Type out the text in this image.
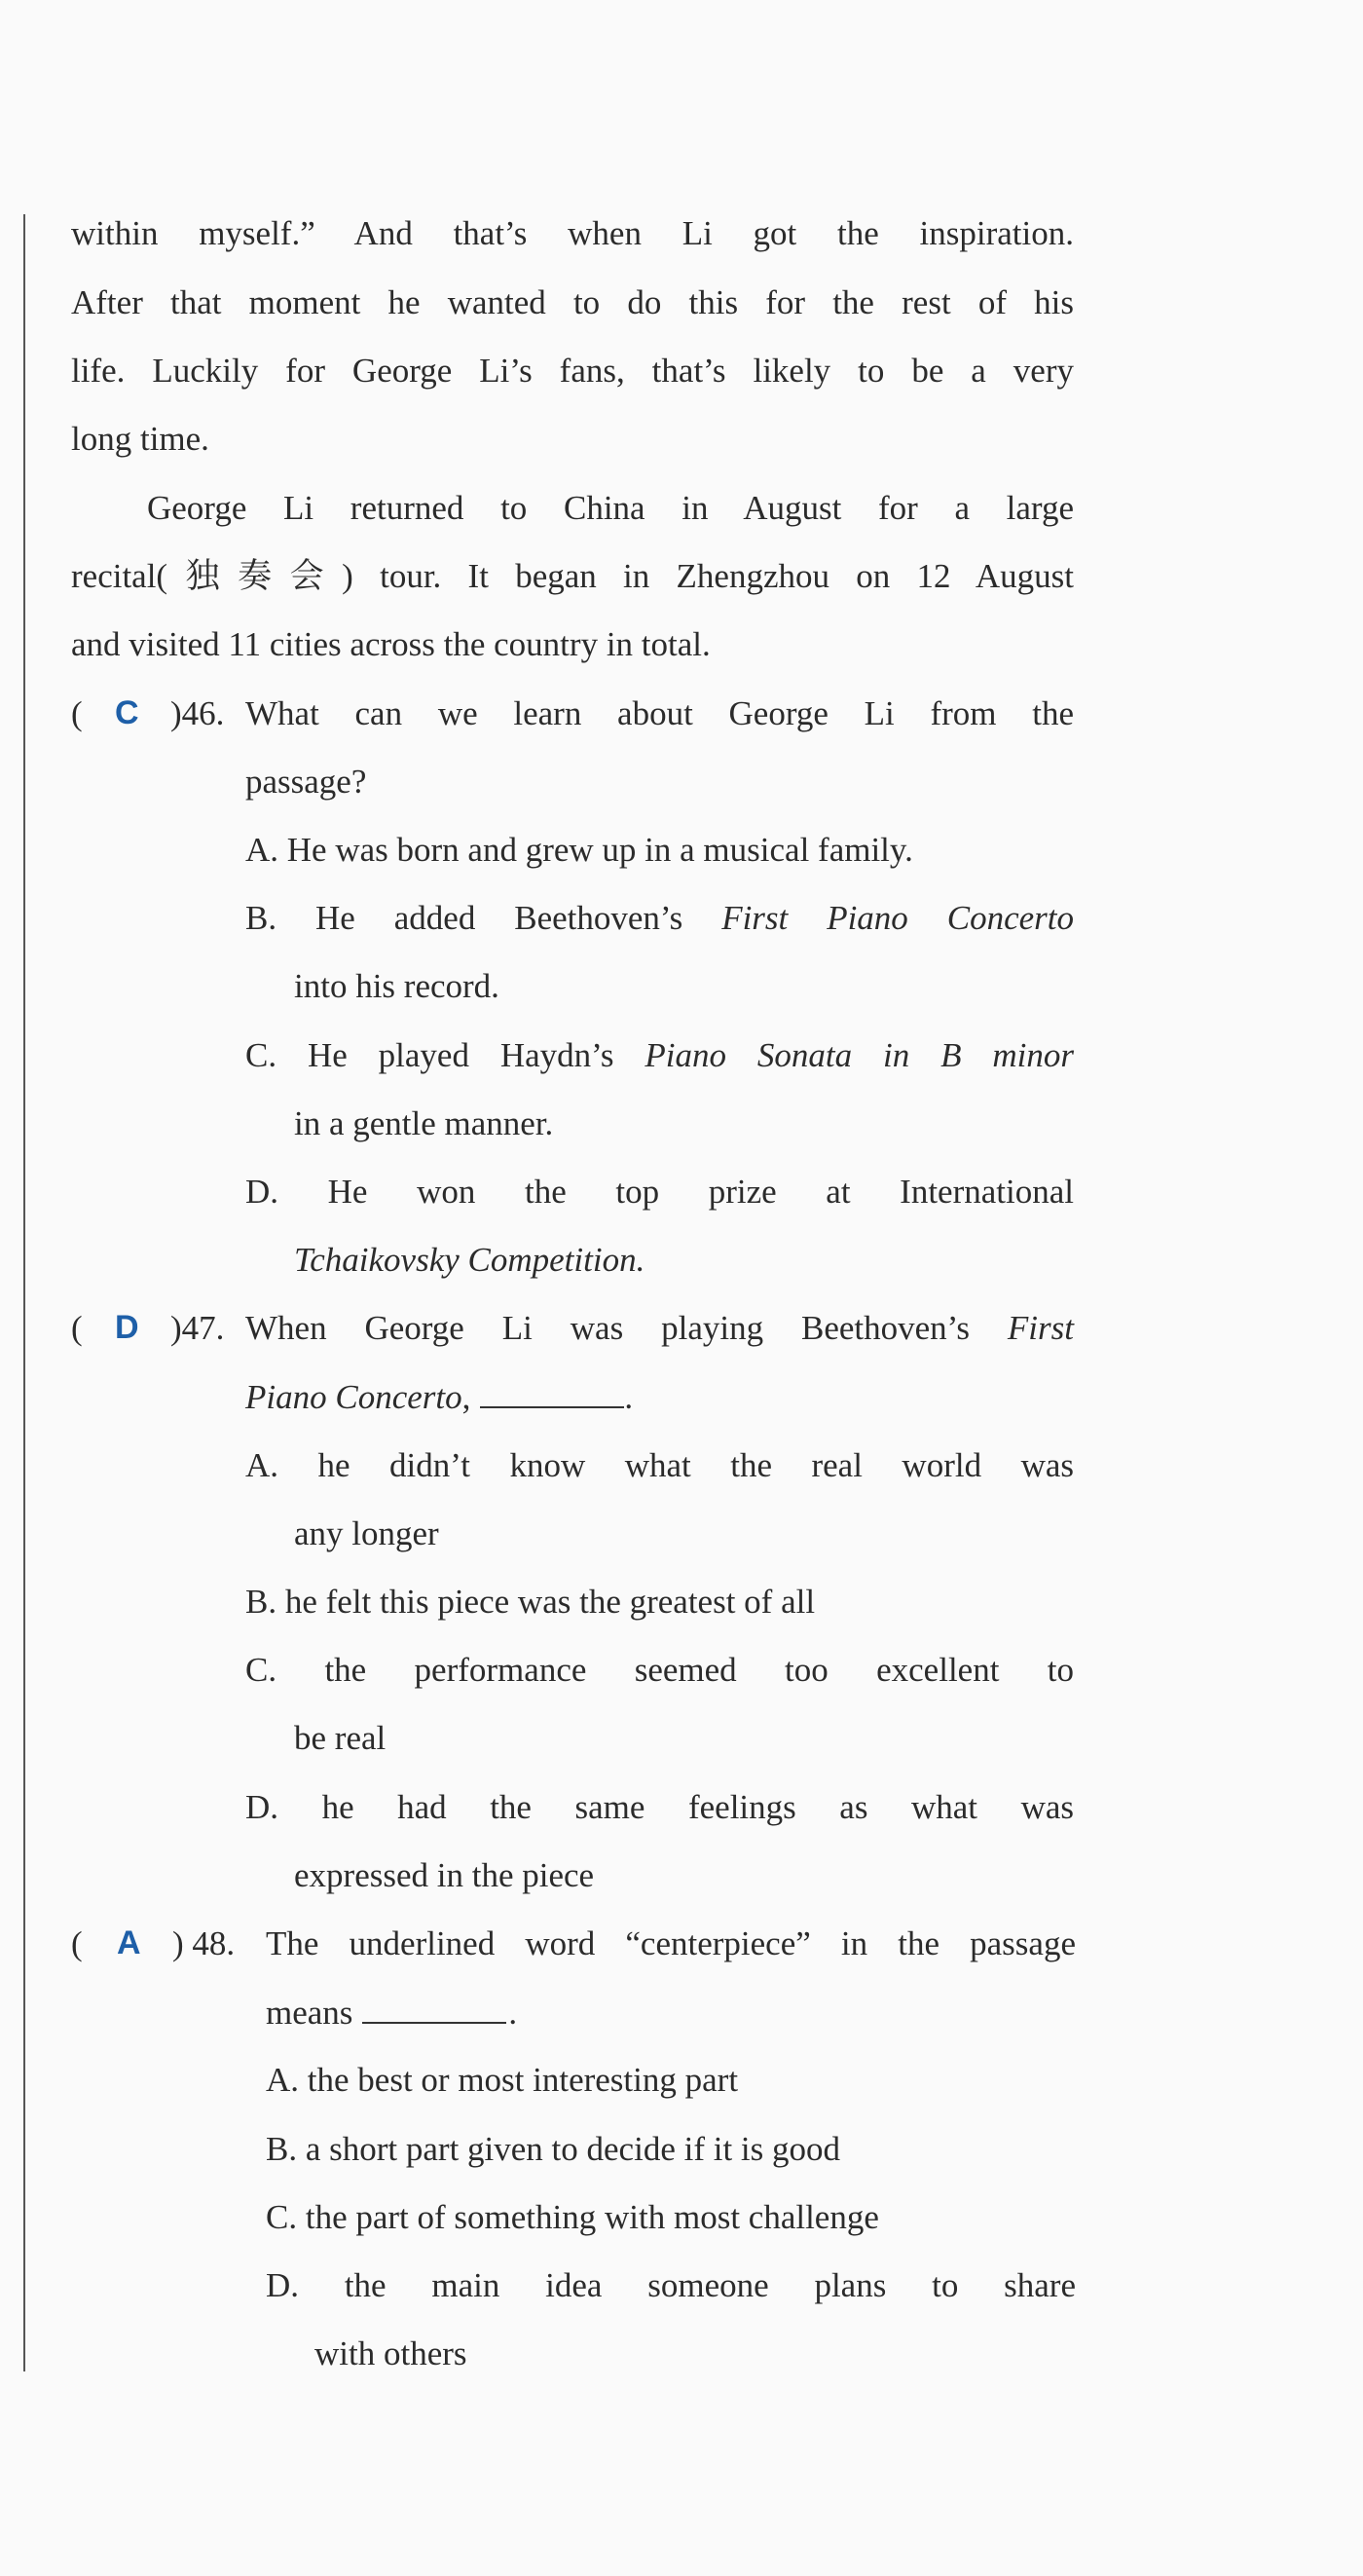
within myself.” And that’s when Li got the inspiration.
After that moment he wanted to do this for the rest of his
life. Luckily for George Li’s fans, that’s likely to be a very
long time.
George Li returned to China in August for a large
recital(独奏会) tour. It began in Zhengzhou on 12 August
and visited 11 cities across the country in total.
( C )46. What can we learn about George Li from the
passage?
A. He was born and grew up in a musical family.
B. He added Beethoven’s First Piano Concerto
into his record.
C. He played Haydn’s Piano Sonata in B minor
in a gentle manner.
D. He won the top prize at International
Tchaikovsky Competition.
( D )47. When George Li was playing Beethoven’s First
Piano Concerto,	.
A. he didn’t know what the real world was
any longer
B. he felt this piece was the greatest of all
C. the performance seemed too excellent to
be real
D. he had the same feelings as what was
expressed in the piece
( A ) 48. The underlined word “centerpiece” in the passage
means	.
A. the best or most interesting part
B. a short part given to decide if it is good
C. the part of something with most challenge
D. the main idea someone plans to share
with others
